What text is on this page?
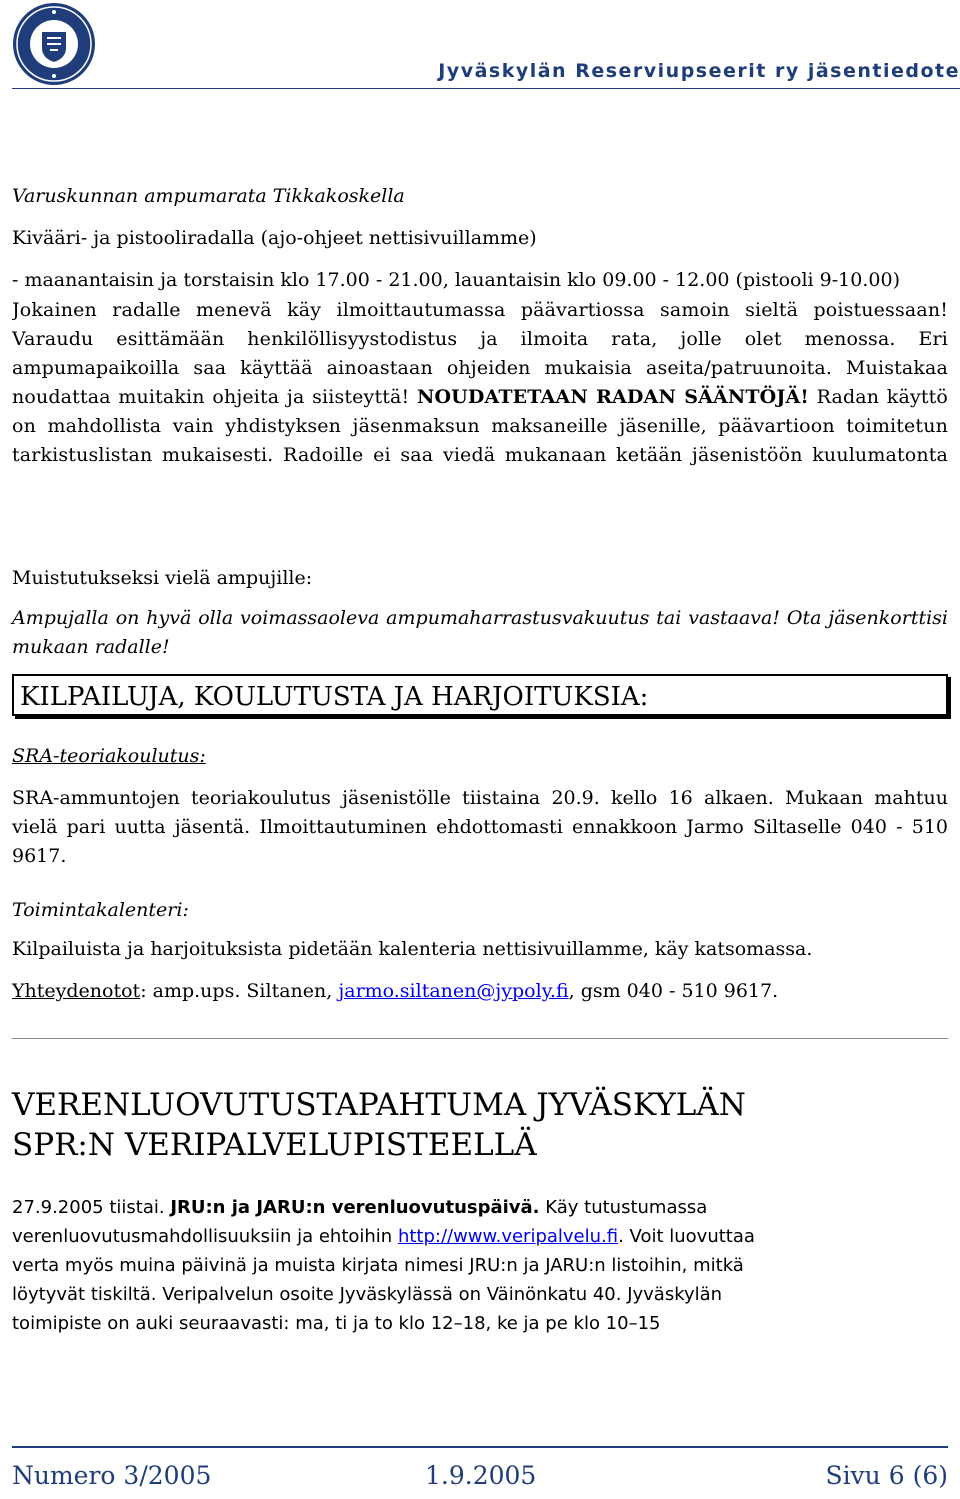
Jyväskylän Reserviupseerit ry jäsentiedote
Varuskunnan ampumarata Tikkakoskella
Kivääri- ja pistooliradalla (ajo-ohjeet nettisivuillamme)
- maanantaisin ja torstaisin klo 17.00 - 21.00, lauantaisin klo 09.00 - 12.00 (pistooli 9-10.00)
Jokainen radalle menevä käy ilmoittautumassa päävartiossa samoin sieltä poistuessaan! Varaudu esittämään henkilöllisyystodistus ja ilmoita rata, jolle olet menossa. Eri ampumapaikoilla saa käyttää ainoastaan ohjeiden mukaisia aseita/patruunoita. Muistakaa noudattaa muitakin ohjeita ja siisteyttä! NOUDATETAAN RADAN SÄÄNTÖJÄ! Radan käyttö on mahdollista vain yhdistyksen jäsenmaksun maksaneille jäsenille, päävartioon toimitetun tarkistuslistan mukaisesti. Radoille ei saa viedä mukanaan ketään jäsenistöön kuulumatonta
Muistutukseksi vielä ampujille:
Ampujalla on hyvä olla voimassaoleva ampumaharrastusvakuutus tai vastaava! Ota jäsenkorttisi mukaan radalle!
KILPAILUJA, KOULUTUSTA JA HARJOITUKSIA:
SRA-teoriakoulutus:
SRA-ammuntojen teoriakoulutus jäsenistölle tiistaina 20.9. kello 16 alkaen. Mukaan mahtuu vielä pari uutta jäsentä. Ilmoittautuminen ehdottomasti ennakkoon Jarmo Siltaselle 040 - 510 9617.
Toimintakalenteri:
Kilpailuista ja harjoituksista pidetään kalenteria nettisivuillamme, käy katsomassa.
Yhteydenotot: amp.ups. Siltanen, jarmo.siltanen@jypoly.fi, gsm 040 - 510 9617.
VERENLUOVUTUSTAPAHTUMA JYVÄSKYLÄN
SPR:N VERIPALVELUPISTEELLÄ
27.9.2005 tiistai. JRU:n ja JARU:n verenluovutuspäivä. Käy tutustumassa
verenluovutusmahdollisuuksiin ja ehtoihin http://www.veripalvelu.fi. Voit luovuttaa
verta myös muina päivinä ja muista kirjata nimesi JRU:n ja JARU:n listoihin, mitkä
löytyvät tiskiltä. Veripalvelun osoite Jyväskylässä on Väinönkatu 40. Jyväskylän
toimipiste on auki seuraavasti: ma, ti ja to klo 12–18, ke ja pe klo 10–15
Numero 3/2005	1.9.2005	Sivu 6 (6)
